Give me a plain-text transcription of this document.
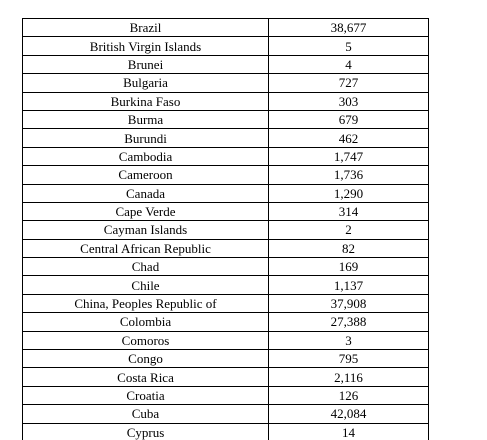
Brazil	38,677
British Virgin Islands	5
Brunei	4
Bulgaria	727
Burkina Faso	303
Burma	679
Burundi	462
Cambodia	1,747
Cameroon	1,736
Canada	1,290
Cape Verde	314
Cayman Islands	2
Central African Republic	82
Chad	169
Chile	1,137
China, Peoples Republic of	37,908
Colombia	27,388
Comoros	3
Congo	795
Costa Rica	2,116
Croatia	126
Cuba	42,084
Cyprus	14
